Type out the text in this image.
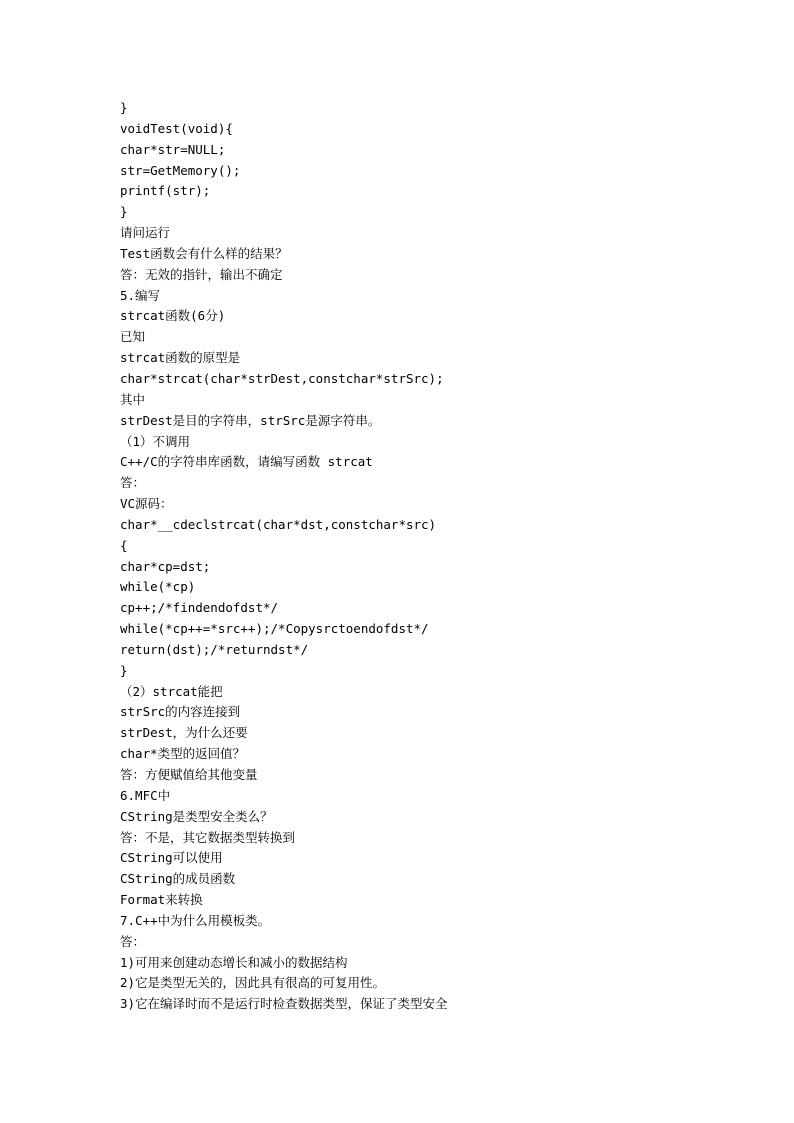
}
voidTest(void){
char*str=NULL;
str=GetMemory();
printf(str);
}
请问运行
Test函数会有什么样的结果？
答：无效的指针，输出不确定
5.编写
strcat函数(6分)
已知
strcat函数的原型是
char*strcat(char*strDest,constchar*strSrc);
其中
strDest是目的字符串，strSrc是源字符串。
（1）不调用
C++/C的字符串库函数，请编写函数 strcat
答：
VC源码：
char*__cdeclstrcat(char*dst,constchar*src)
{
char*cp=dst;
while(*cp)
cp++;/*findendofdst*/
while(*cp++=*src++);/*Copysrctoendofdst*/
return(dst);/*returndst*/
}
（2）strcat能把
strSrc的内容连接到
strDest，为什么还要
char*类型的返回值？
答：方便赋值给其他变量
6.MFC中
CString是类型安全类么？
答：不是，其它数据类型转换到
CString可以使用
CString的成员函数
Format来转换
7.C++中为什么用模板类。
答：
1)可用来创建动态增长和减小的数据结构
2)它是类型无关的，因此具有很高的可复用性。
3)它在编译时而不是运行时检查数据类型，保证了类型安全
